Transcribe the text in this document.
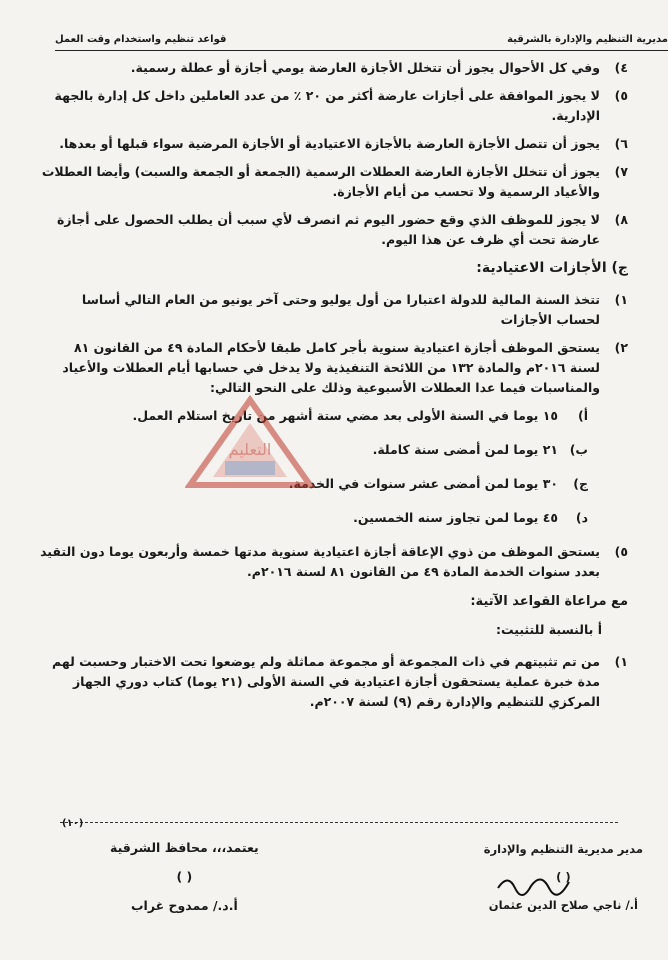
مديرية التنظيم والإدارة بالشرقية
قواعد تنظيم واستخدام وقت العمل
٤)
وفي كل الأحوال يجوز أن تتخلل الأجازة العارضة يومي أجازة أو عطلة رسمية.
٥)
لا يجوز الموافقة على أجازات عارضة أكثر من ٢٠ ٪ من عدد العاملين داخل كل إدارة بالجهة الإدارية.
٦)
يجوز أن تتصل الأجازة العارضة بالأجازة الاعتيادية أو الأجازة المرضية سواء قبلها أو بعدها.
٧)
يجوز أن تتخلل الأجازة العارضة العطلات الرسمية (الجمعة أو الجمعة والسبت) وأيضا العطلات والأعياد الرسمية ولا تحسب من أيام الأجازة.
٨)
لا يجوز للموظف الذي وقع حضور اليوم ثم انصرف لأي سبب أن يطلب الحصول على أجازة عارضة تحت أي ظرف عن هذا اليوم.
ج) الأجازات الاعتيادية:
١)
تتخذ السنة المالية للدولة اعتبارا من أول يوليو وحتى آخر يونيو من العام التالي أساسا لحساب الأجازات
٢)
يستحق الموظف أجازة اعتيادية سنوية بأجر كامل طبقا لأحكام المادة ٤٩ من القانون ٨١ لسنة ٢٠١٦م والمادة ١٣٢ من اللائحة التنفيذية ولا يدخل في حسابها أيام العطلات والأعياد والمناسبات فيما عدا العطلات الأسبوعية وذلك على النحو التالي:
أ)
١٥ يوما في السنة الأولى بعد مضي ستة أشهر من تاريخ استلام العمل.
ب)
٢١ يوما لمن أمضى سنة كاملة.
ج)
٣٠ يوما لمن أمضى عشر سنوات في الخدمة.
د)
٤٥ يوما لمن تجاوز سنه الخمسين.
٥)
يستحق الموظف من ذوي الإعاقة أجازة اعتيادية سنوية مدتها خمسة وأربعون يوما دون التقيد بعدد سنوات الخدمة المادة ٤٩ من القانون ٨١ لسنة ٢٠١٦م.
مع مراعاة القواعد الآتية:
أ بالنسبة للتثبيت:
١)
من تم تثبيتهم في ذات المجموعة أو مجموعة مماثلة ولم يوضعوا تحت الاختبار وحسبت لهم مدة خبرة عملية يستحقون أجازة اعتيادية في السنة الأولى (٢١ يوما) كتاب دوري الجهاز المركزي للتنظيم والإدارة رقم (٩) لسنة ٢٠٠٧م.
التعليم
(١٠)
يعتمد،،، محافظ الشرقية
( )
أ.د./ ممدوح غراب
مدير مديرية التنظيم والإدارة
( )
أ./ ناجي صلاح الدين عثمان
